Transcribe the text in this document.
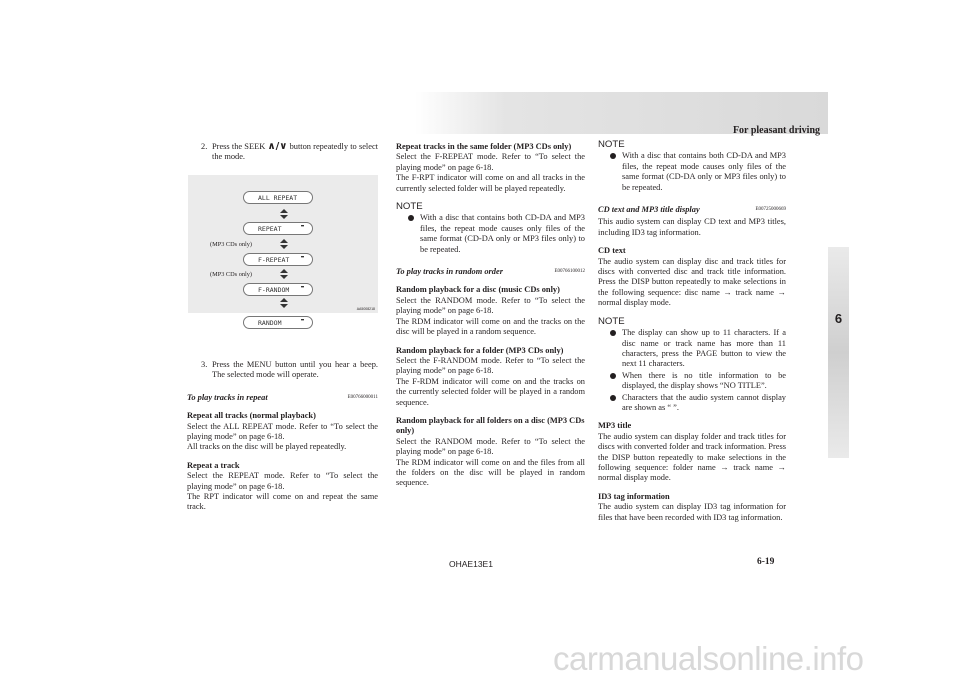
For pleasant driving
6
2. Press the SEEK ∧/∨ button repeatedly to select the mode.
ALL REPEAT
REPEAT	▬
(MP3 CDs only)
F-REPEAT ▬
(MP3 CDs only)
F-RANDOM ▬
AA5008218
RANDOM	▬
3. Press the MENU button until you hear a beep. The selected mode will operate.
To play tracks in repeat	E00766000011
Repeat all tracks (normal playback)

Select the ALL REPEAT mode. Refer to “To select the playing mode” on page 6-18.

All tracks on the disc will be played repeatedly.

Repeat a track

Select the REPEAT mode. Refer to “To select the playing mode” on page 6-18.

The RPT indicator will come on and repeat the same track.

Repeat tracks in the same folder (MP3 CDs only)

Select the F-REPEAT mode. Refer to “To select the playing mode” on page 6-18.

The F-RPT indicator will come on and all tracks in the currently selected folder will be played repeatedly.

NOTE
With a disc that contains both CD-DA and MP3 files, the repeat mode causes only files of the same format (CD-DA only or MP3 files only) to be repeated.
To play tracks in random order	E00766100012
Random playback for a disc (music CDs only)

Select the RANDOM mode. Refer to “To select the playing mode” on page 6-18.

The RDM indicator will come on and the tracks on the disc will be played in a random sequence.

Random playback for a folder (MP3 CDs only)

Select the F-RANDOM mode. Refer to “To select the playing mode” on page 6-18.

The F-RDM indicator will come on and the tracks on the currently selected folder will be played in a random sequence.

Random playback for all folders on a disc (MP3 CDs only)

Select the RANDOM mode. Refer to “To select the playing mode” on page 6-18.

The RDM indicator will come on and the files from all the folders on the disc will be played in random sequence.

NOTE
With a disc that contains both CD-DA and MP3 files, the repeat mode causes only files of the same format (CD-DA only or MP3 files only) to be repeated.
CD text and MP3 title display	E00725000669

This audio system can display CD text and MP3 titles, including ID3 tag information.

CD text

The audio system can display disc and track titles for discs with converted disc and track title information. Press the DISP button repeatedly to make selections in the following sequence: disc name → track name → normal display mode.

NOTE
The display can show up to 11 characters. If a disc name or track name has more than 11 characters, press the PAGE button to view the next 11 characters.
When there is no title information to be displayed, the display shows “NO TITLE”.
Characters that the audio system cannot display are shown as “ ”.
MP3 title

The audio system can display folder and track titles for discs with converted folder and track information. Press the DISP button repeatedly to make selections in the following sequence: folder name → track name → normal display mode.

ID3 tag information

The audio system can display ID3 tag information for files that have been recorded with ID3 tag information.

OHAE13E1	6-19
carmanualsonline.info
